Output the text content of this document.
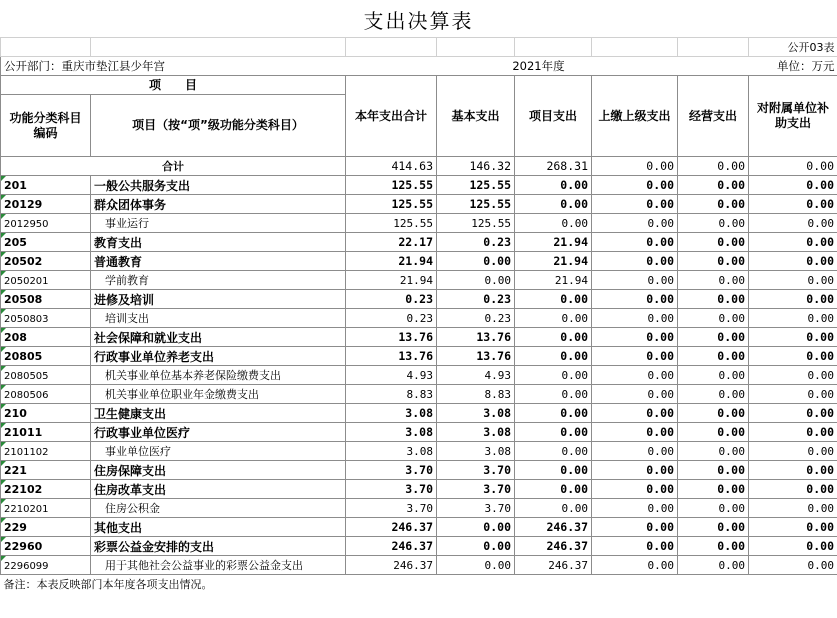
支出决算表
							公开03表
公开部门：重庆市垫江县少年宫			2021年度				单位：万元
项　　目		本年支出合计	基本支出	项目支出	上缴上级支出	经营支出	对附属单位补助支出
功能分类科目编码	项目（按“项”级功能分类科目）						
合计		414.63	146.32	268.31	0.00	0.00	0.00

201	一般公共服务支出	125.55	125.55	0.00	0.00	0.00	0.00

20129	群众团体事务	125.55	125.55	0.00	0.00	0.00	0.00

2012950	事业运行	125.55	125.55	0.00	0.00	0.00	0.00

205	教育支出	22.17	0.23	21.94	0.00	0.00	0.00

20502	普通教育	21.94	0.00	21.94	0.00	0.00	0.00

2050201	学前教育	21.94	0.00	21.94	0.00	0.00	0.00

20508	进修及培训	0.23	0.23	0.00	0.00	0.00	0.00

2050803	培训支出	0.23	0.23	0.00	0.00	0.00	0.00

208	社会保障和就业支出	13.76	13.76	0.00	0.00	0.00	0.00

20805	行政事业单位养老支出	13.76	13.76	0.00	0.00	0.00	0.00

2080505	机关事业单位基本养老保险缴费支出	4.93	4.93	0.00	0.00	0.00	0.00

2080506	机关事业单位职业年金缴费支出	8.83	8.83	0.00	0.00	0.00	0.00

210	卫生健康支出	3.08	3.08	0.00	0.00	0.00	0.00

21011	行政事业单位医疗	3.08	3.08	0.00	0.00	0.00	0.00

2101102	事业单位医疗	3.08	3.08	0.00	0.00	0.00	0.00

221	住房保障支出	3.70	3.70	0.00	0.00	0.00	0.00

22102	住房改革支出	3.70	3.70	0.00	0.00	0.00	0.00

2210201	住房公积金	3.70	3.70	0.00	0.00	0.00	0.00

229	其他支出	246.37	0.00	246.37	0.00	0.00	0.00

22960	彩票公益金安排的支出	246.37	0.00	246.37	0.00	0.00	0.00

2296099	用于其他社会公益事业的彩票公益金支出	246.37	0.00	246.37	0.00	0.00	0.00
备注：本表反映部门本年度各项支出情况。							
